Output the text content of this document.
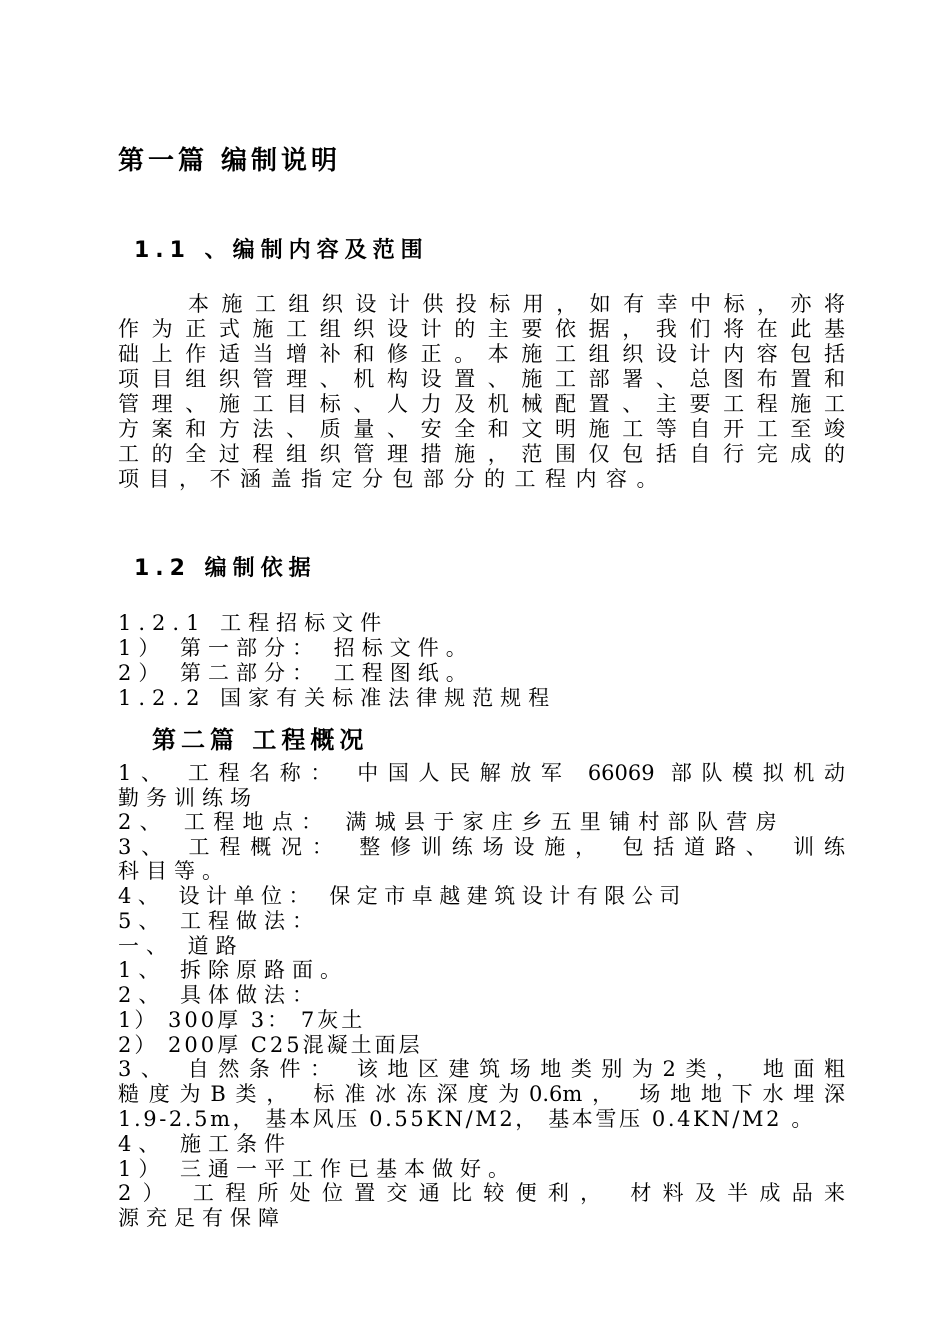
第一篇 编制说明
1.1 、编制内容及范围
本施工组织设计供投标用，如有幸中标，亦将
作为正式施工组织设计的主要依据，我们将在此基
础上作适当增补和修正。本施工组织设计内容包括
项目组织管理、机构设置、施工部署、总图布置和
管理、施工目标、人力及机械配置、主要工程施工
方案和方法、质量、安全和文明施工等自开工至竣
工的全过程组织管理措施，范围仅包括自行完成的
项目，不涵盖指定分包部分的工程内容。
1.2 编制依据
1.2.1 工程招标文件
1） 第一部分： 招标文件。
2） 第二部分： 工程图纸。
1.2.2 国家有关标准法律规范规程
第二篇 工程概况
1、 工程名称： 中国人民解放军 66069 部队模拟机动
勤务训练场
2、 工程地点： 满城县于家庄乡五里铺村部队营房
3、 工程概况： 整修训练场设施， 包括道路、 训练
科目等。
4、 设计单位： 保定市卓越建筑设计有限公司
5、 工程做法：
一、 道路
1、 拆除原路面。
2、 具体做法：
1） 300厚 3： 7灰土
2） 200厚 C25混凝土面层
3、 自然条件： 该地区建筑场地类别为2类， 地面粗
糙度为B类， 标准冰冻深度为0.6m， 场地地下水埋深
1.9-2.5m， 基本风压 0.55KN/M2， 基本雪压 0.4KN/M2 。
4、 施工条件
1） 三通一平工作已基本做好。
2） 工程所处位置交通比较便利， 材料及半成品来
源充足有保障
